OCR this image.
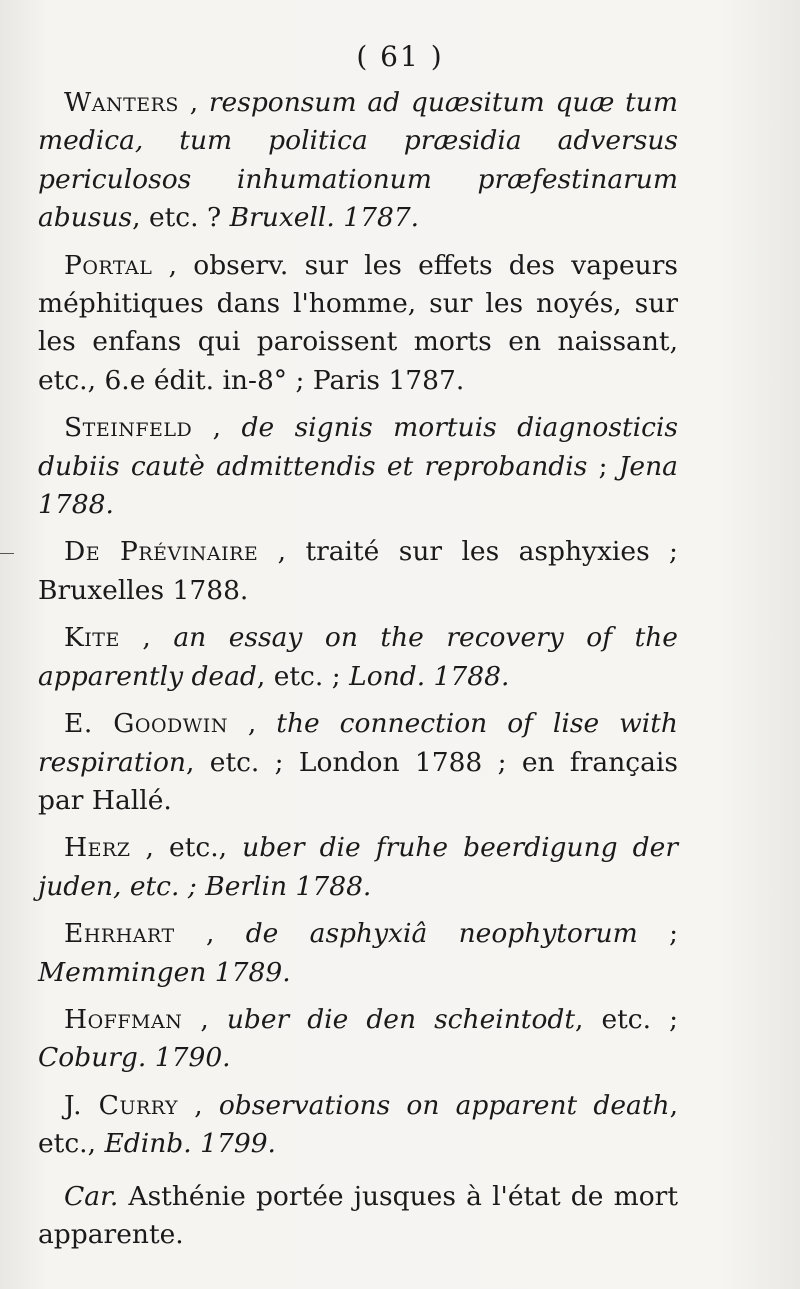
( 61 )

Wanters , responsum ad quæsitum quæ tum medica, tum politica præsidia adversus periculosos inhumationum præfestinarum abusus, etc. ? Bruxell. 1787.

Portal , observ. sur les effets des vapeurs méphitiques dans l'homme, sur les noyés, sur les enfans qui paroissent morts en naissant, etc., 6.e édit. in-8° ; Paris 1787.

Steinfeld , de signis mortuis diagnosticis dubiis cautè admittendis et reprobandis ; Jena 1788.

De Prévinaire , traité sur les asphyxies ; Bruxelles 1788.

Kite , an essay on the recovery of the apparently dead, etc. ; Lond. 1788.

E. Goodwin , the connection of lise with respiration, etc. ; London 1788 ; en français par Hallé.

Herz , etc., uber die fruhe beerdigung der juden, etc. ; Berlin 1788.

Ehrhart , de asphyxiâ neophytorum ; Memmingen 1789.

Hoffman , uber die den scheintodt, etc. ; Coburg. 1790.

J. Curry , observations on apparent death, etc., Edinb. 1799.

Car. Asthénie portée jusques à l'état de mort apparente.
